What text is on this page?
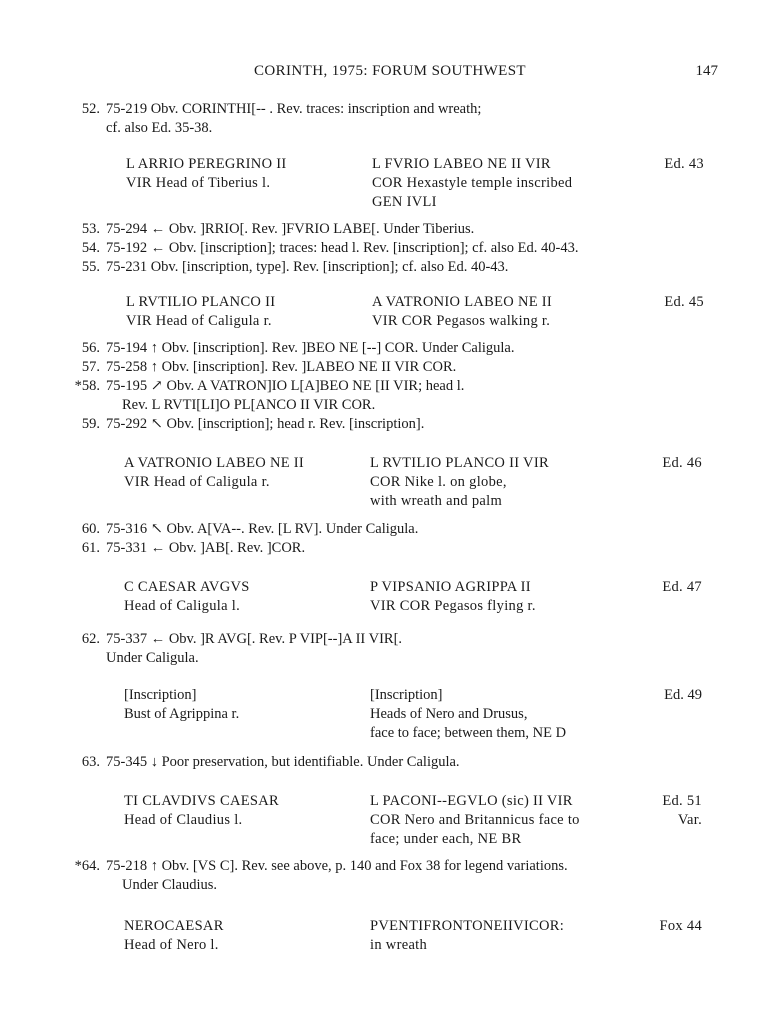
CORINTH, 1975: FORUM SOUTHWEST	147
52. 75-219 Obv. CORINTHI[-- . Rev. traces: inscription and wreath;
cf. also Ed. 35-38.
L ARRIO PEREGRINO II
VIR Head of Tiberius l.
L FVRIO LABEO ΝΕ II VIR
COR Hexastyle temple inscribed
GEN IVLI
Ed. 43
53. 75-294 ← Obv. ]RRIO[. Rev. ]FVRIO LABE[. Under Tiberius.
54. 75-192 ← Obv. [inscription]; traces: head l. Rev. [inscription]; cf. also Ed. 40-43.
55. 75-231 Obv. [inscription, type]. Rev. [inscription]; cf. also Ed. 40-43.
L RVTILIO PLANCO II
VIR Head of Caligula r.
A VATRONIO LABEO ΝΕ II
VIR COR Pegasos walking r.
Ed. 45
56. 75-194 ↑ Obv. [inscription]. Rev. ]BEO ΝΕ [--] COR. Under Caligula.
57. 75-258 ↑ Obv. [inscription]. Rev. ]LABEO ΝΕ II VIR COR.
*58. 75-195 ↗ Obv. A VATRON]IO L[A]BEO ΝΕ [II VIR; head l.
Rev. L RVTI[LI]O PL[ANCO II VIR COR.
59. 75-292 ↖ Obv. [inscription]; head r. Rev. [inscription].
A VATRONIO LABEO ΝΕ II
VIR Head of Caligula r.
L RVTILIO PLANCO II VIR
COR Nike l. on globe,
with wreath and palm
Ed. 46
60. 75-316 ↖ Obv. A[VA--. Rev. [L RV]. Under Caligula.
61. 75-331 ← Obv. ]AB[. Rev. ]COR.
C CAESAR AVGVS
Head of Caligula l.
P VIPSANIO AGRIPPA II
VIR COR Pegasos flying r.
Ed. 47
62. 75-337 ← Obv. ]R AVG[. Rev. P VIP[--]A II VIR[.
Under Caligula.
[Inscription]
Bust of Agrippina r.
[Inscription]
Heads of Nero and Drusus,
face to face; between them, ΝΕ D
Ed. 49
63. 75-345 ↓ Poor preservation, but identifiable. Under Caligula.
TI CLAVDIVS CAESAR
Head of Claudius l.
L PACONI--EGVLO (sic) II VIR
COR Nero and Britannicus face to
face; under each, ΝΕ BR
Ed. 51
Var.
*64. 75-218 ↑ Obv. [VS C]. Rev. see above, p. 140 and Fox 38 for legend variations.
Under Claudius.
NEROCAESAR
Head of Nero l.
PVENTIFRONTONEIIVICOR:
in wreath
Fox 44
